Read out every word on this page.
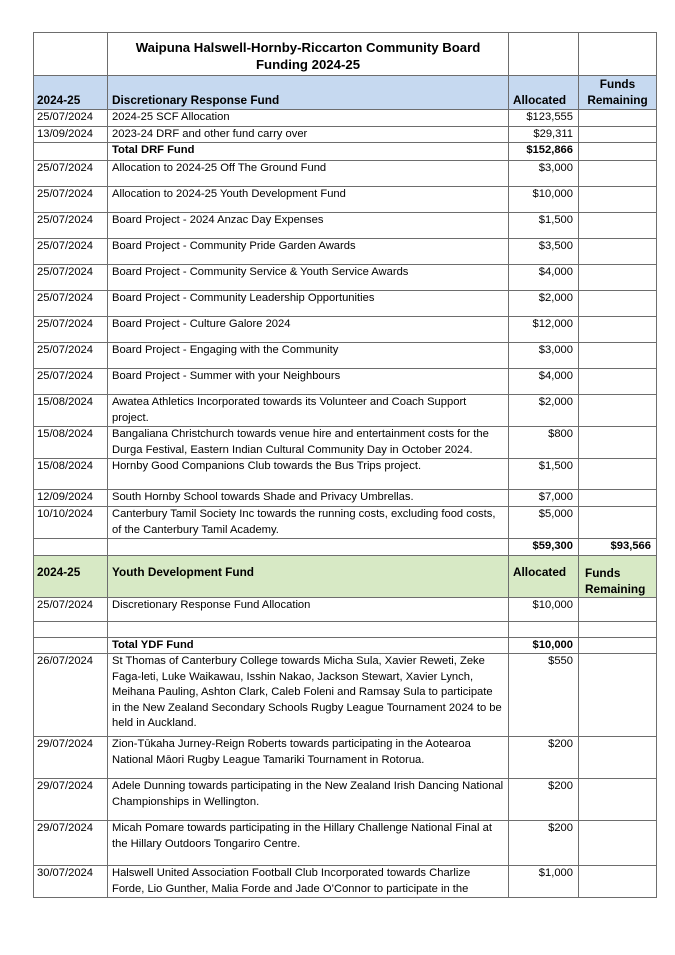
	Waipuna Halswell-Hornby-Riccarton Community Board
Funding 2024-25		

2024-25	Discretionary Response Fund	Allocated	Funds
Remaining

25/07/2024	2024-25 SCF Allocation	$123,555	
13/09/2024	2023-24 DRF and other fund carry over	$29,311	
	Total DRF Fund	$152,866	
25/07/2024	Allocation to 2024-25 Off The Ground Fund	$3,000	
25/07/2024	Allocation to 2024-25 Youth Development Fund	$10,000	
25/07/2024	Board Project - 2024 Anzac Day Expenses	$1,500	
25/07/2024	Board Project - Community Pride Garden Awards	$3,500	
25/07/2024	Board Project - Community Service & Youth Service Awards	$4,000	
25/07/2024	Board Project - Community Leadership Opportunities	$2,000	
25/07/2024	Board Project - Culture Galore 2024	$12,000	
25/07/2024	Board Project - Engaging with the Community	$3,000	
25/07/2024	Board Project - Summer with your Neighbours	$4,000	
15/08/2024	Awatea Athletics Incorporated towards its Volunteer and Coach Support project.	$2,000	
15/08/2024	Bangaliana Christchurch towards venue hire and entertainment costs for the Durga Festival, Eastern Indian Cultural Community Day in October 2024.	$800	
15/08/2024	Hornby Good Companions Club towards the Bus Trips project.	$1,500	
12/09/2024	South Hornby School towards Shade and Privacy Umbrellas.	$7,000	
10/10/2024	Canterbury Tamil Society Inc towards the running costs, excluding food costs, of the Canterbury Tamil Academy.	$5,000	
		$59,300	$93,566
2024-25	Youth Development Fund	Allocated	Funds
Remaining

25/07/2024	Discretionary Response Fund Allocation	$10,000	

	Total YDF Fund	$10,000	
26/07/2024	St Thomas of Canterbury College towards Micha Sula, Xavier Reweti, Zeke Faga-leti, Luke Waikawau, Isshin Nakao, Jackson Stewart, Xavier Lynch, Meihana Pauling, Ashton Clark, Caleb Foleni and Ramsay Sula to participate in the New Zealand Secondary Schools Rugby League Tournament 2024 to be held in Auckland.	$550	
29/07/2024	Zion-Tūkaha Jurney-Reign Roberts towards participating in the Aotearoa National Māori Rugby League Tamariki Tournament in Rotorua.	$200	
29/07/2024	Adele Dunning towards participating in the New Zealand Irish Dancing National Championships in Wellington.	$200	
29/07/2024	Micah Pomare towards participating in the Hillary Challenge National Final at the Hillary Outdoors Tongariro Centre.	$200	
30/07/2024	Halswell United Association Football Club Incorporated towards Charlize Forde, Lio Gunther, Malia Forde and Jade O’Connor to participate in the	$1,000	
